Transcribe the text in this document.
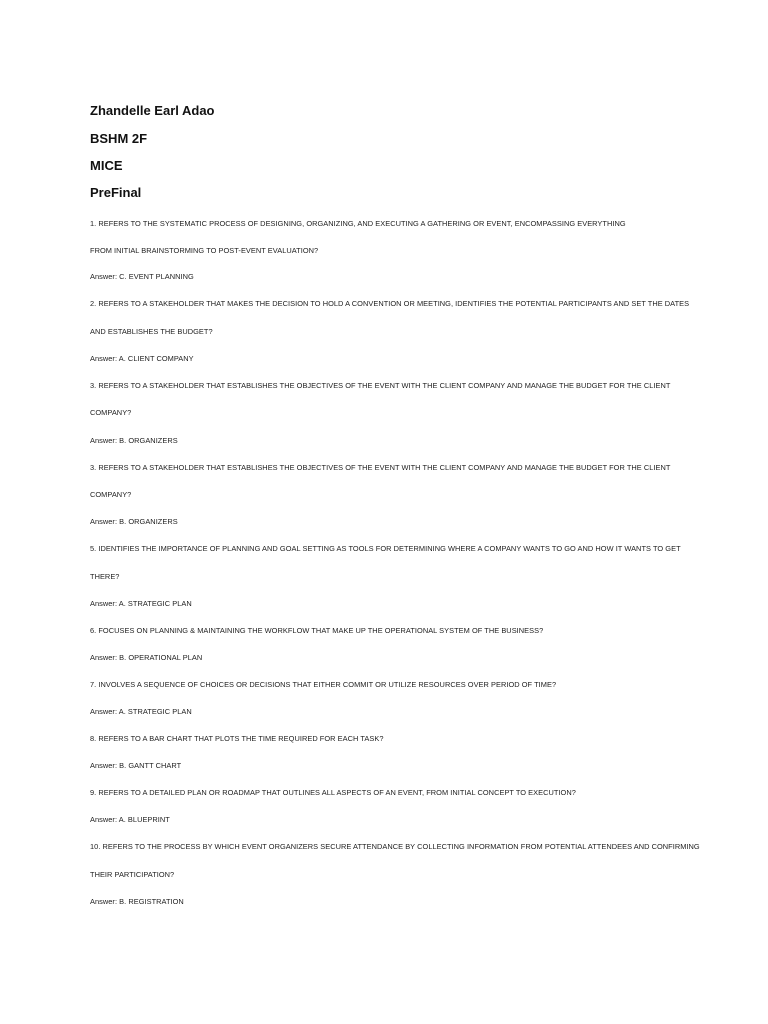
Zhandelle Earl Adao
BSHM 2F
MICE
PreFinal
1. REFERS TO THE SYSTEMATIC PROCESS OF DESIGNING, ORGANIZING, AND EXECUTING A GATHERING OR EVENT, ENCOMPASSING EVERYTHING
FROM INITIAL BRAINSTORMING TO POST-EVENT EVALUATION?
Answer: C. EVENT PLANNING
2. REFERS TO A STAKEHOLDER THAT MAKES THE DECISION TO HOLD A CONVENTION OR MEETING, IDENTIFIES THE POTENTIAL PARTICIPANTS AND SET THE DATES
AND ESTABLISHES THE BUDGET?
Answer: A. CLIENT COMPANY
3. REFERS TO A STAKEHOLDER THAT ESTABLISHES THE OBJECTIVES OF THE EVENT WITH THE CLIENT COMPANY AND MANAGE THE BUDGET FOR THE CLIENT
COMPANY?
Answer: B. ORGANIZERS
3. REFERS TO A STAKEHOLDER THAT ESTABLISHES THE OBJECTIVES OF THE EVENT WITH THE CLIENT COMPANY AND MANAGE THE BUDGET FOR THE CLIENT
COMPANY?
Answer: B. ORGANIZERS
5. IDENTIFIES THE IMPORTANCE OF PLANNING AND GOAL SETTING AS TOOLS FOR DETERMINING WHERE A COMPANY WANTS TO GO AND HOW IT WANTS TO GET
THERE?
Answer: A. STRATEGIC PLAN
6. FOCUSES ON PLANNING & MAINTAINING THE WORKFLOW THAT MAKE UP THE OPERATIONAL SYSTEM OF THE BUSINESS?
Answer: B. OPERATIONAL PLAN
7. INVOLVES A SEQUENCE OF CHOICES OR DECISIONS THAT EITHER COMMIT OR UTILIZE RESOURCES OVER PERIOD OF TIME?
Answer: A. STRATEGIC PLAN
8. REFERS TO A BAR CHART THAT PLOTS THE TIME REQUIRED FOR EACH TASK?
Answer: B. GANTT CHART
9. REFERS TO A DETAILED PLAN OR ROADMAP THAT OUTLINES ALL ASPECTS OF AN EVENT, FROM INITIAL CONCEPT TO EXECUTION?
Answer: A. BLUEPRINT
10. REFERS TO THE PROCESS BY WHICH EVENT ORGANIZERS SECURE ATTENDANCE BY COLLECTING INFORMATION FROM POTENTIAL ATTENDEES AND CONFIRMING
THEIR PARTICIPATION?
Answer: B. REGISTRATION
